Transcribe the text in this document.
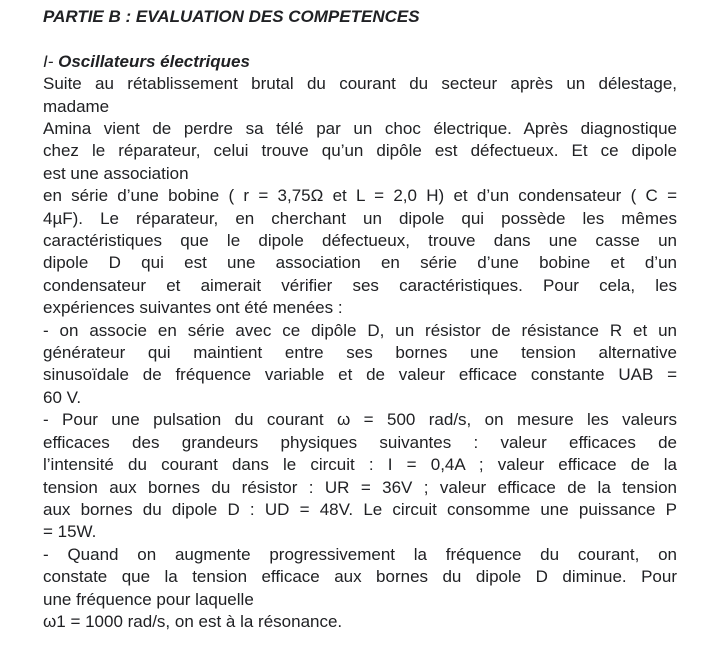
PARTIE B : EVALUATION DES COMPETENCES
I- Oscillateurs électriques
Suite au rétablissement brutal du courant du secteur après un délestage,
madame
Amina vient de perdre sa télé par un choc électrique. Après diagnostique
chez le réparateur, celui trouve qu’un dipôle est défectueux. Et ce dipole
est une association
en série d’une bobine ( r = 3,75Ω et L = 2,0 H) et d’un condensateur ( C =
4µF). Le réparateur, en cherchant un dipole qui possède les mêmes
caractéristiques que le dipole défectueux, trouve dans une casse un
dipole D qui est une association en série d’une bobine et d’un
condensateur et aimerait vérifier ses caractéristiques. Pour cela, les
expériences suivantes ont été menées :
- on associe en série avec ce dipôle D, un résistor de résistance R et un
générateur qui maintient entre ses bornes une tension alternative
sinusoïdale de fréquence variable et de valeur efficace constante UAB =
60 V.
- Pour une pulsation du courant ω = 500 rad/s, on mesure les valeurs
efficaces des grandeurs physiques suivantes : valeur efficaces de
l’intensité du courant dans le circuit : I = 0,4A ; valeur efficace de la
tension aux bornes du résistor : UR = 36V ; valeur efficace de la tension
aux bornes du dipole D : UD = 48V. Le circuit consomme une puissance P
= 15W.
- Quand on augmente progressivement la fréquence du courant, on
constate que la tension efficace aux bornes du dipole D diminue. Pour
une fréquence pour laquelle
ω1 = 1000 rad/s, on est à la résonance.
